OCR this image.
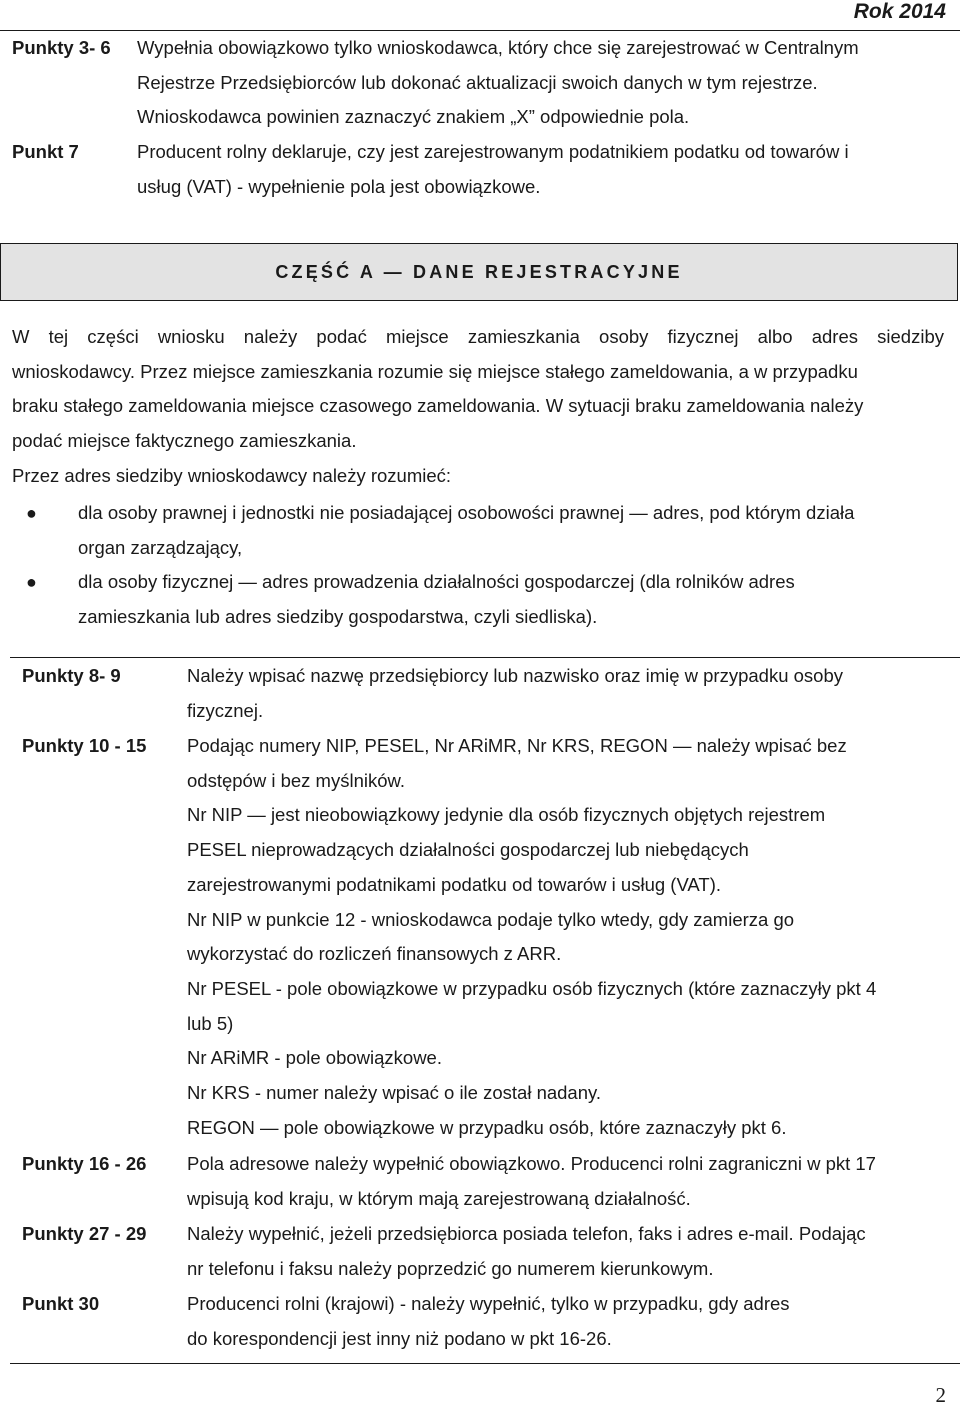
Rok 2014
Punkty 3- 6 Wypełnia obowiązkowo tylko wnioskodawca, który chce się zarejestrować w Centralnym
Rejestrze Przedsiębiorców lub dokonać aktualizacji swoich danych w tym rejestrze.
Wnioskodawca powinien zaznaczyć znakiem „X” odpowiednie pola.
Punkt 7	Producent rolny deklaruje, czy jest zarejestrowanym podatnikiem podatku od towarów i
usług (VAT) - wypełnienie pola jest obowiązkowe.
CZĘŚĆ A — DANE REJESTRACYJNE
W tej części wniosku należy podać miejsce zamieszkania osoby fizycznej albo adres siedziby
wnioskodawcy. Przez miejsce zamieszkania rozumie się miejsce stałego zameldowania, a w przypadku
braku stałego zameldowania miejsce czasowego zameldowania. W sytuacji braku zameldowania należy
podać miejsce faktycznego zamieszkania.
Przez adres siedziby wnioskodawcy należy rozumieć:
● dla osoby prawnej i jednostki nie posiadającej osobowości prawnej — adres, pod którym działa
organ zarządzający,
● dla osoby fizycznej — adres prowadzenia działalności gospodarczej (dla rolników adres
zamieszkania lub adres siedziby gospodarstwa, czyli siedliska).
Punkty 8- 9	Należy wpisać nazwę przedsiębiorcy lub nazwisko oraz imię w przypadku osoby
fizycznej.
Punkty 10 - 15 Podając numery NIP, PESEL, Nr ARiMR, Nr KRS, REGON — należy wpisać bez
odstępów i bez myślników.
Nr NIP — jest nieobowiązkowy jedynie dla osób fizycznych objętych rejestrem
PESEL nieprowadzących działalności gospodarczej lub niebędących
zarejestrowanymi podatnikami podatku od towarów i usług (VAT).
Nr NIP w punkcie 12 - wnioskodawca podaje tylko wtedy, gdy zamierza go
wykorzystać do rozliczeń finansowych z ARR.
Nr PESEL - pole obowiązkowe w przypadku osób fizycznych (które zaznaczyły pkt 4
lub 5)
Nr ARiMR - pole obowiązkowe.
Nr KRS - numer należy wpisać o ile został nadany.
REGON — pole obowiązkowe w przypadku osób, które zaznaczyły pkt 6.
Punkty 16 - 26 Pola adresowe należy wypełnić obowiązkowo. Producenci rolni zagraniczni w pkt 17
wpisują kod kraju, w którym mają zarejestrowaną działalność.
Punkty 27 - 29 Należy wypełnić, jeżeli przedsiębiorca posiada telefon, faks i adres e-mail. Podając
nr telefonu i faksu należy poprzedzić go numerem kierunkowym.
Punkt 30	Producenci rolni (krajowi) - należy wypełnić, tylko w przypadku, gdy adres
do korespondencji jest inny niż podano w pkt 16-26.
2
